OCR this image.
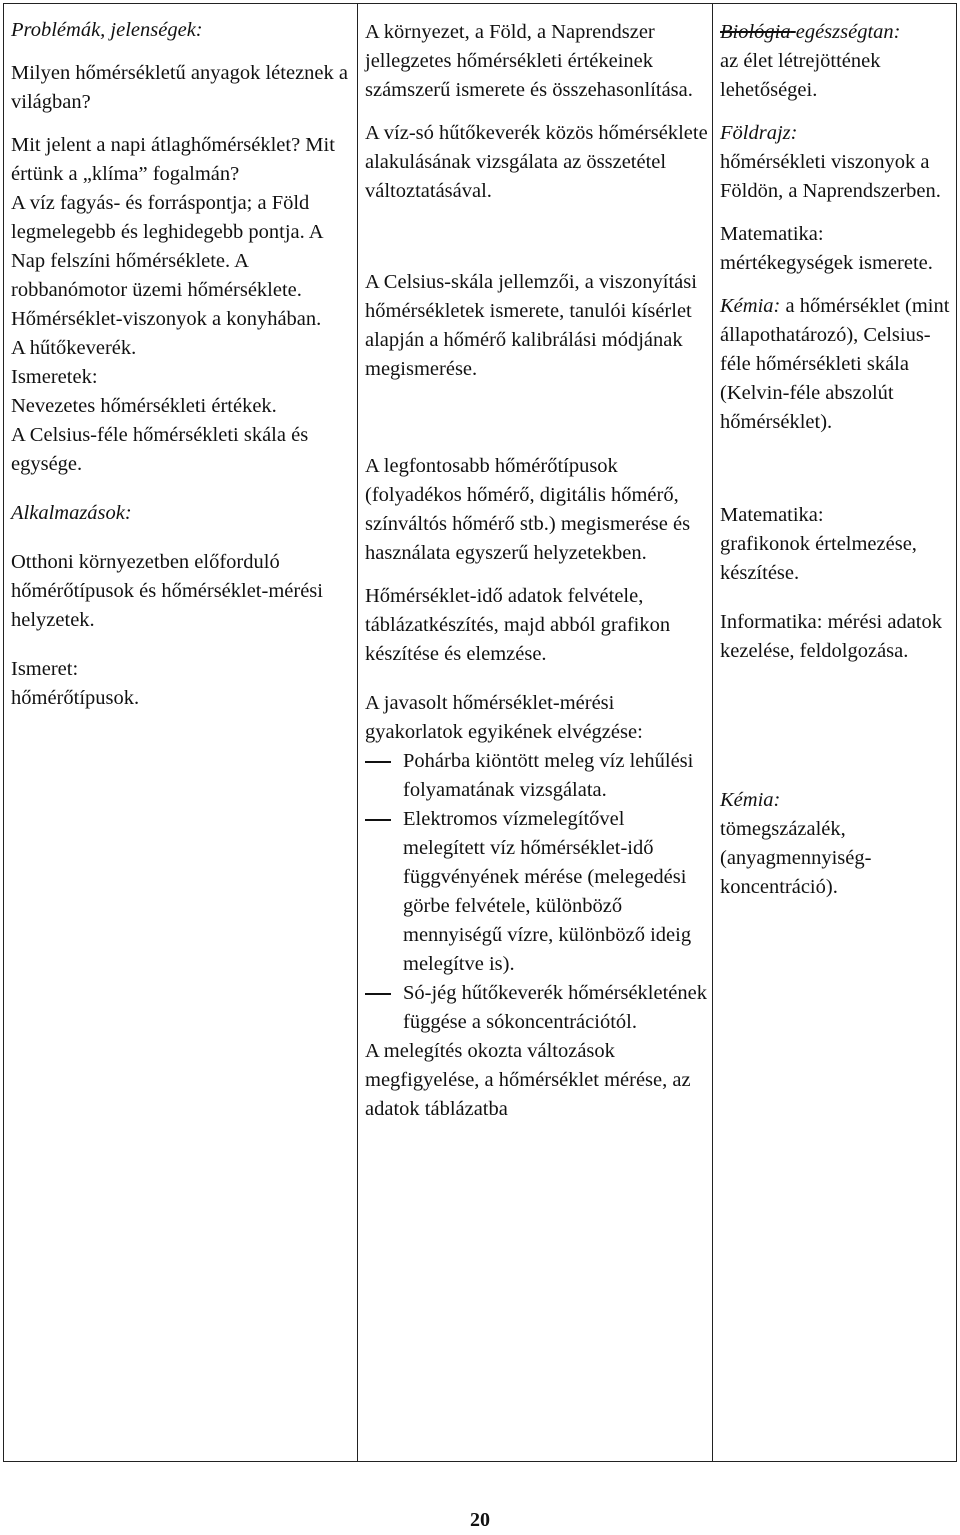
Problémák, jelenségek:

Milyen hőmérsékletű anyagok léteznek a világban?

Mit jelent a napi átlaghőmérséklet? Mit értünk a „klíma” fogalmán?

A víz fagyás- és forráspontja; a Föld legmelegebb és leghidegebb pontja. A Nap felszíni hőmérséklete. A robbanómotor üzemi hőmérséklete.

Hőmérséklet-viszonyok a konyhában.

A hűtőkeverék.

Ismeretek:

Nevezetes hőmérsékleti értékek.

A Celsius-féle hőmérsékleti skála és egysége.

Alkalmazások:

Otthoni környezetben előforduló hőmérőtípusok és hőmérséklet-mérési helyzetek.

Ismeret:

hőmérőtípusok.

A környezet, a Föld, a Naprendszer jellegzetes hőmérsékleti értékeinek számszerű ismerete és összehasonlítása.

A víz-só hűtőkeverék közös hőmérséklete alakulásának vizsgálata az összetétel változtatásával.

A Celsius-skála jellemzői, a viszonyítási hőmérsékletek ismerete, tanulói kísérlet alapján a hőmérő kalibrálási módjának megismerése.

A legfontosabb hőmérőtípusok (folyadékos hőmérő, digitális hőmérő, színváltós hőmérő stb.) megismerése és használata egyszerű helyzetekben.

Hőmérséklet-idő adatok felvétele, táblázatkészítés, majd abból grafikon készítése és elemzése.

A javasolt hőmérséklet-mérési gyakorlatok egyikének elvégzése:

Pohárba kiöntött meleg víz lehűlési folyamatának vizsgálata.
Elektromos vízmelegítővel melegített víz hőmérséklet-idő függvényének mérése (melegedési görbe felvétele, különböző mennyiségű vízre, különböző ideig melegítve is).
Só-jég hűtőkeverék hőmérsékletének függése a sókoncentrációtól.

A melegítés okozta változások megfigyelése, a hőmérséklet mérése, az adatok táblázatba

Biológia egészségtan:

az élet létrejöttének lehetőségei.

Földrajz:

hőmérsékleti viszonyok a Földön, a Naprendszerben.

Matematika:

mértékegységek ismerete.

Kémia: a hőmérséklet (mint állapothatározó), Celsius-féle hőmérsékleti skála (Kelvin-féle abszolút hőmérséklet).

Matematika:

grafikonok értelmezése, készítése.

Informatika: mérési adatok kezelése, feldolgozása.

Kémia:

tömegszázalék, (anyagmennyiség-koncentráció).

20
